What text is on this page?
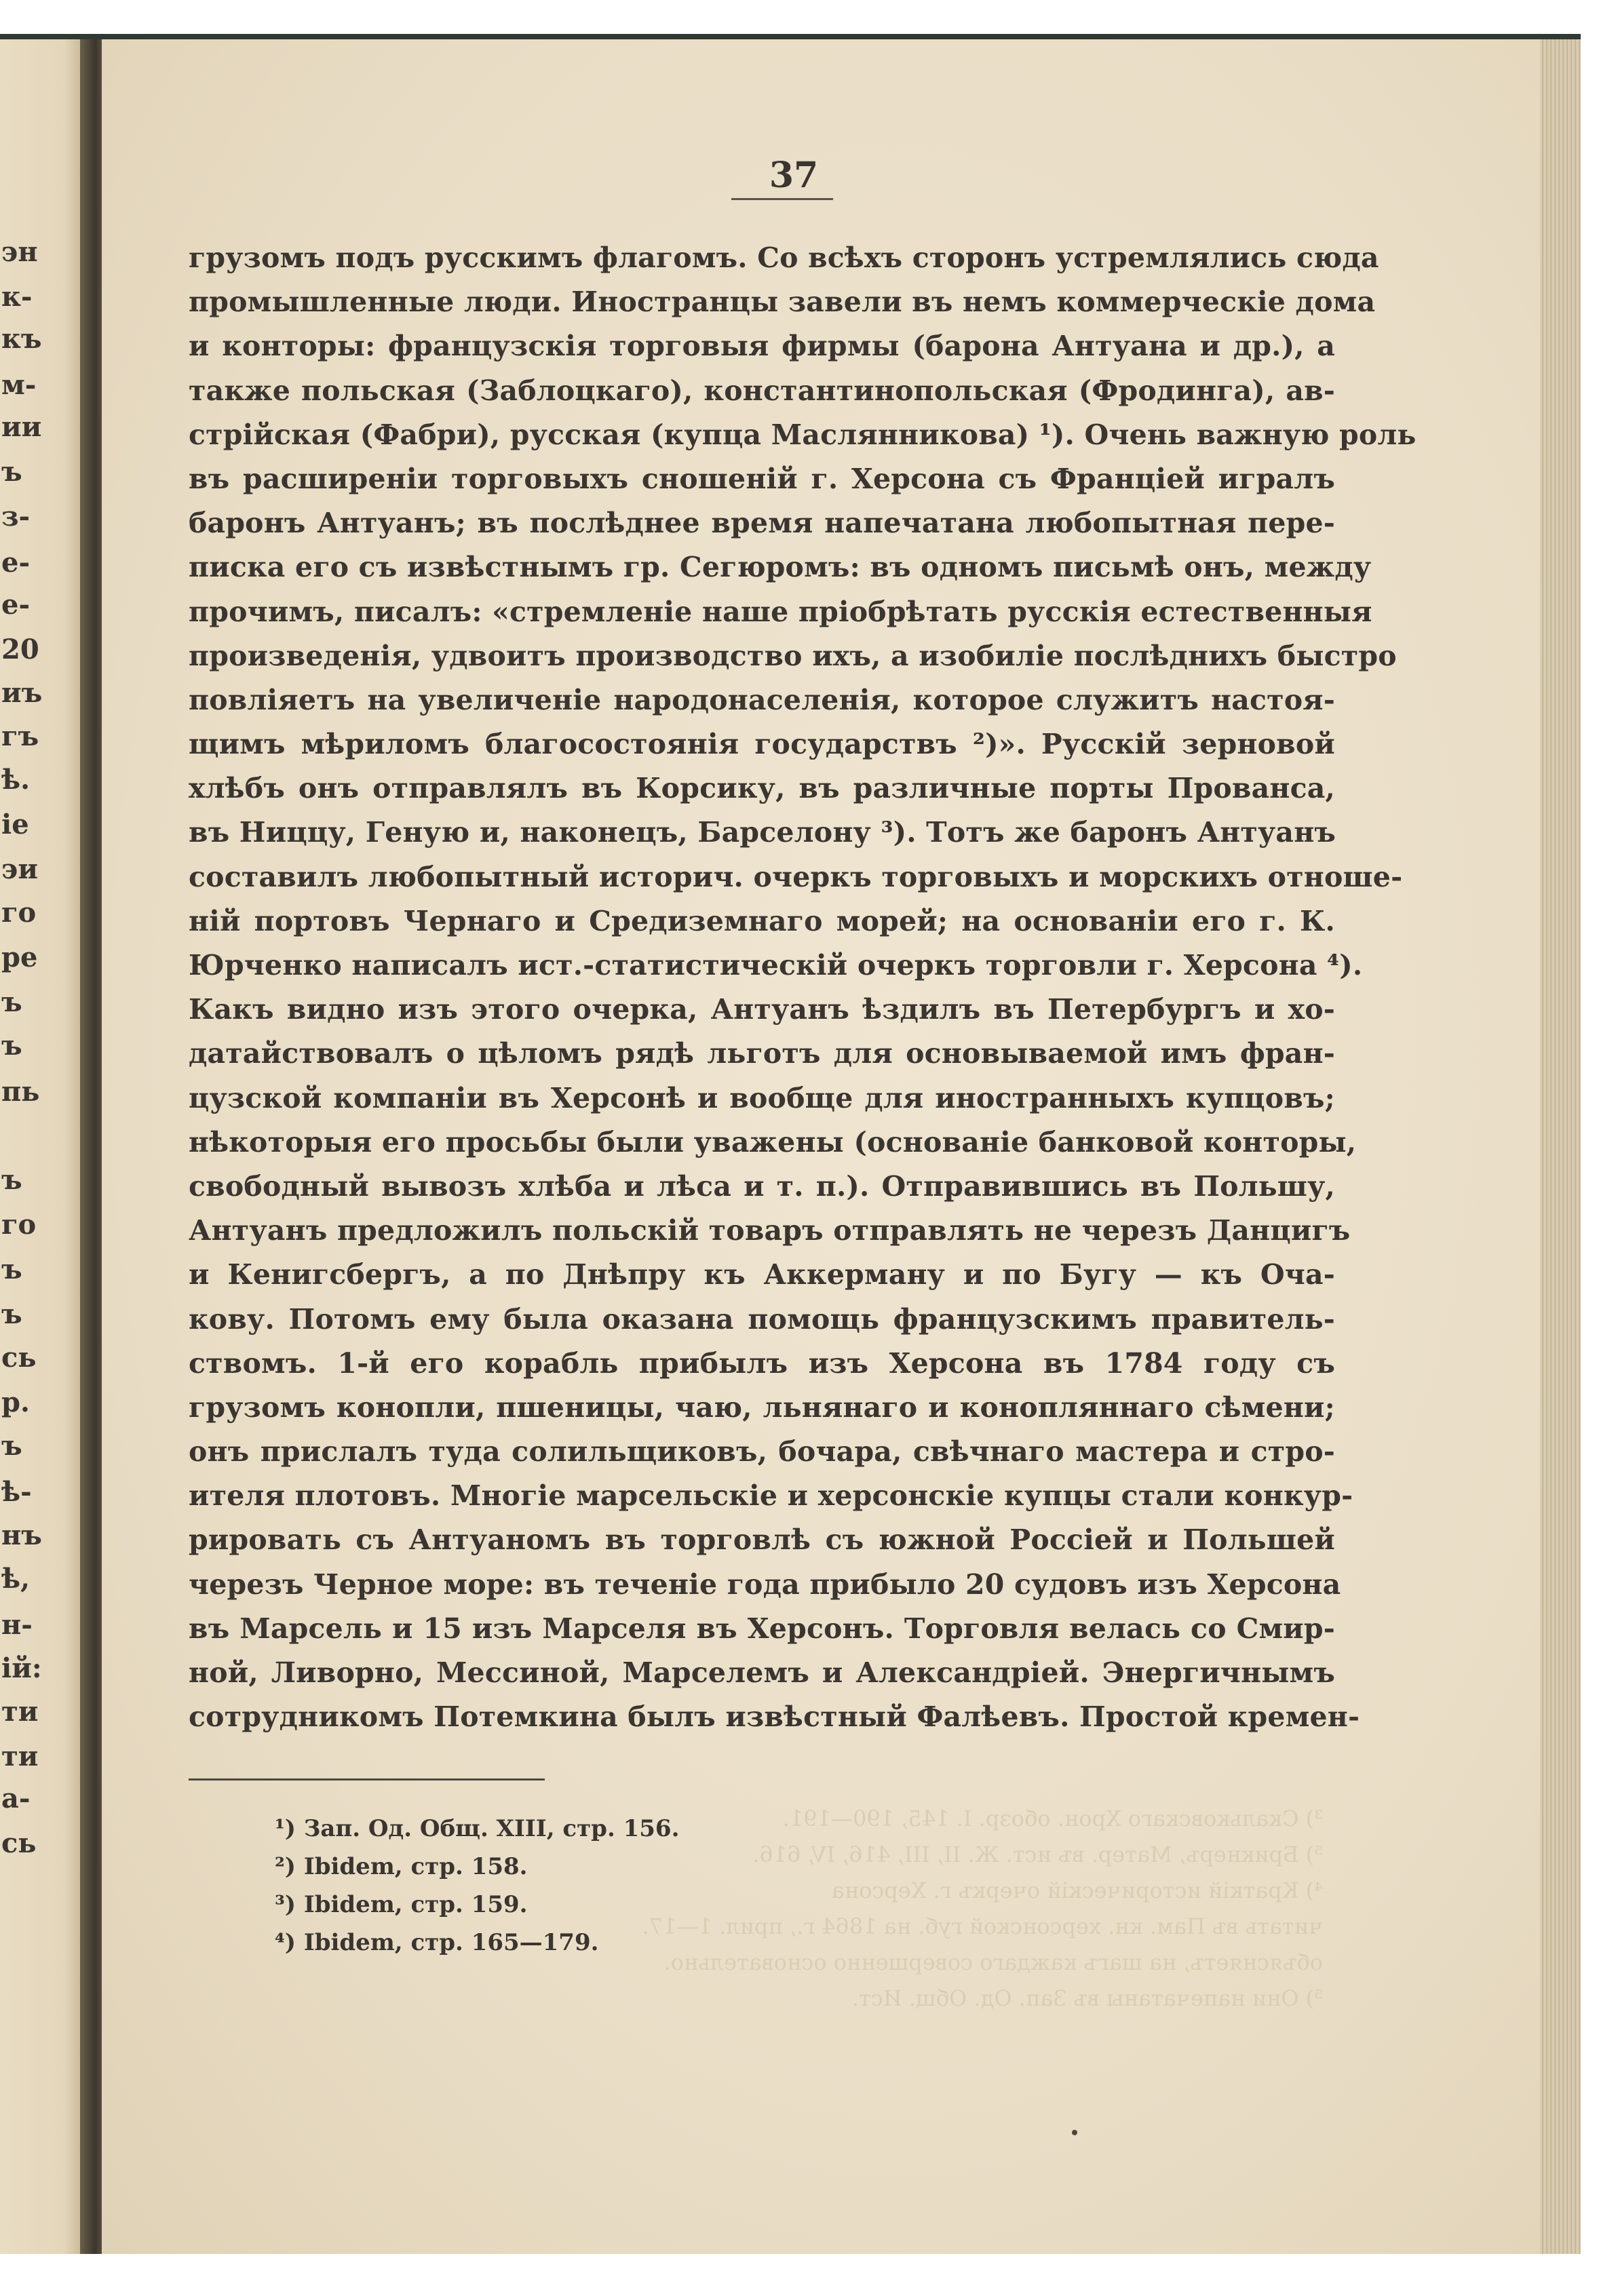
эн
к-
къ
м-
ии
ъ
з-
е-
е-
20
иъ
гъ
ѣ.
іе
эи
го
ре
ъ
ъ
пь
ъ
го
ъ
ъ
сь
р.
ъ
ѣ-
нъ
ѣ,
н-
ій:
ти
ти
а-
сь
37
грузомъ подъ русскимъ флагомъ. Со всѣхъ сторонъ устремлялись сюда
промышленные люди. Иностранцы завели въ немъ коммерческіе дома
и конторы: французскія торговыя фирмы (барона Антуана и др.), а
также польская (Заблоцкаго), константинопольская (Фродинга), ав-
стрійская (Фабри), русская (купца Маслянникова) ¹). Очень важную роль
въ расширеніи торговыхъ сношеній г. Херсона съ Франціей игралъ
баронъ Антуанъ; въ послѣднее время напечатана любопытная пере-
писка его съ извѣстнымъ гр. Сегюромъ: въ одномъ письмѣ онъ, между
прочимъ, писалъ: «стремленіе наше пріобрѣтать русскія естественныя
произведенія, удвоитъ производство ихъ, а изобиліе послѣднихъ быстро
повліяетъ на увеличеніе народонаселенія, которое служитъ настоя-
щимъ мѣриломъ благосостоянія государствъ ²)». Русскій зерновой
хлѣбъ онъ отправлялъ въ Корсику, въ различные порты Прованса,
въ Ниццу, Геную и, наконецъ, Барселону ³). Тотъ же баронъ Антуанъ
составилъ любопытный историч. очеркъ торговыхъ и морскихъ отноше-
ній портовъ Чернаго и Средиземнаго морей; на основаніи его г. К.
Юрченко написалъ ист.-статистическій очеркъ торговли г. Херсона ⁴).
Какъ видно изъ этого очерка, Антуанъ ѣздилъ въ Петербургъ и хо-
датайствовалъ о цѣломъ рядѣ льготъ для основываемой имъ фран-
цузской компаніи въ Херсонѣ и вообще для иностранныхъ купцовъ;
нѣкоторыя его просьбы были уважены (основаніе банковой конторы,
свободный вывозъ хлѣба и лѣса и т. п.). Отправившись въ Польшу,
Антуанъ предложилъ польскій товаръ отправлять не черезъ Данцигъ
и Кенигсбергъ, а по Днѣпру къ Аккерману и по Бугу — къ Оча-
кову. Потомъ ему была оказана помощь французскимъ правитель-
ствомъ. 1-й его корабль прибылъ изъ Херсона въ 1784 году съ
грузомъ конопли, пшеницы, чаю, льнянаго и конопляннаго сѣмени;
онъ прислалъ туда солильщиковъ, бочара, свѣчнаго мастера и стро-
ителя плотовъ. Многіе марсельскіе и херсонскіе купцы стали конкур-
рировать съ Антуаномъ въ торговлѣ съ южной Россіей и Польшей
черезъ Черное море: въ теченіе года прибыло 20 судовъ изъ Херсона
въ Марсель и 15 изъ Марселя въ Херсонъ. Торговля велась со Смир-
ной, Ливорно, Мессиной, Марселемъ и Александріей. Энергичнымъ
сотрудникомъ Потемкина былъ извѣстный Фалѣевъ. Простой кремен-
³) Скальковскаго Хрон. обозр. I. 145, 190—191.
⁵) Брикнеръ, Матер. въ ист. Ж. II, III, 416, IV, 616.
⁴) Краткій историческій очеркъ г. Херсона
читать въ Пам. кн. херсонской губ. на 1864 г., прил. 1—17.
объясняетъ, на шагъ каждаго совершенно основательно.
⁵) Они напечатаны въ Зап. Од. Общ. Ист.
¹) Зап. Од. Общ. XIII, стр. 156.
²) Ibidem, стр. 158.
³) Ibidem, стр. 159.
⁴) Ibidem, стр. 165—179.
